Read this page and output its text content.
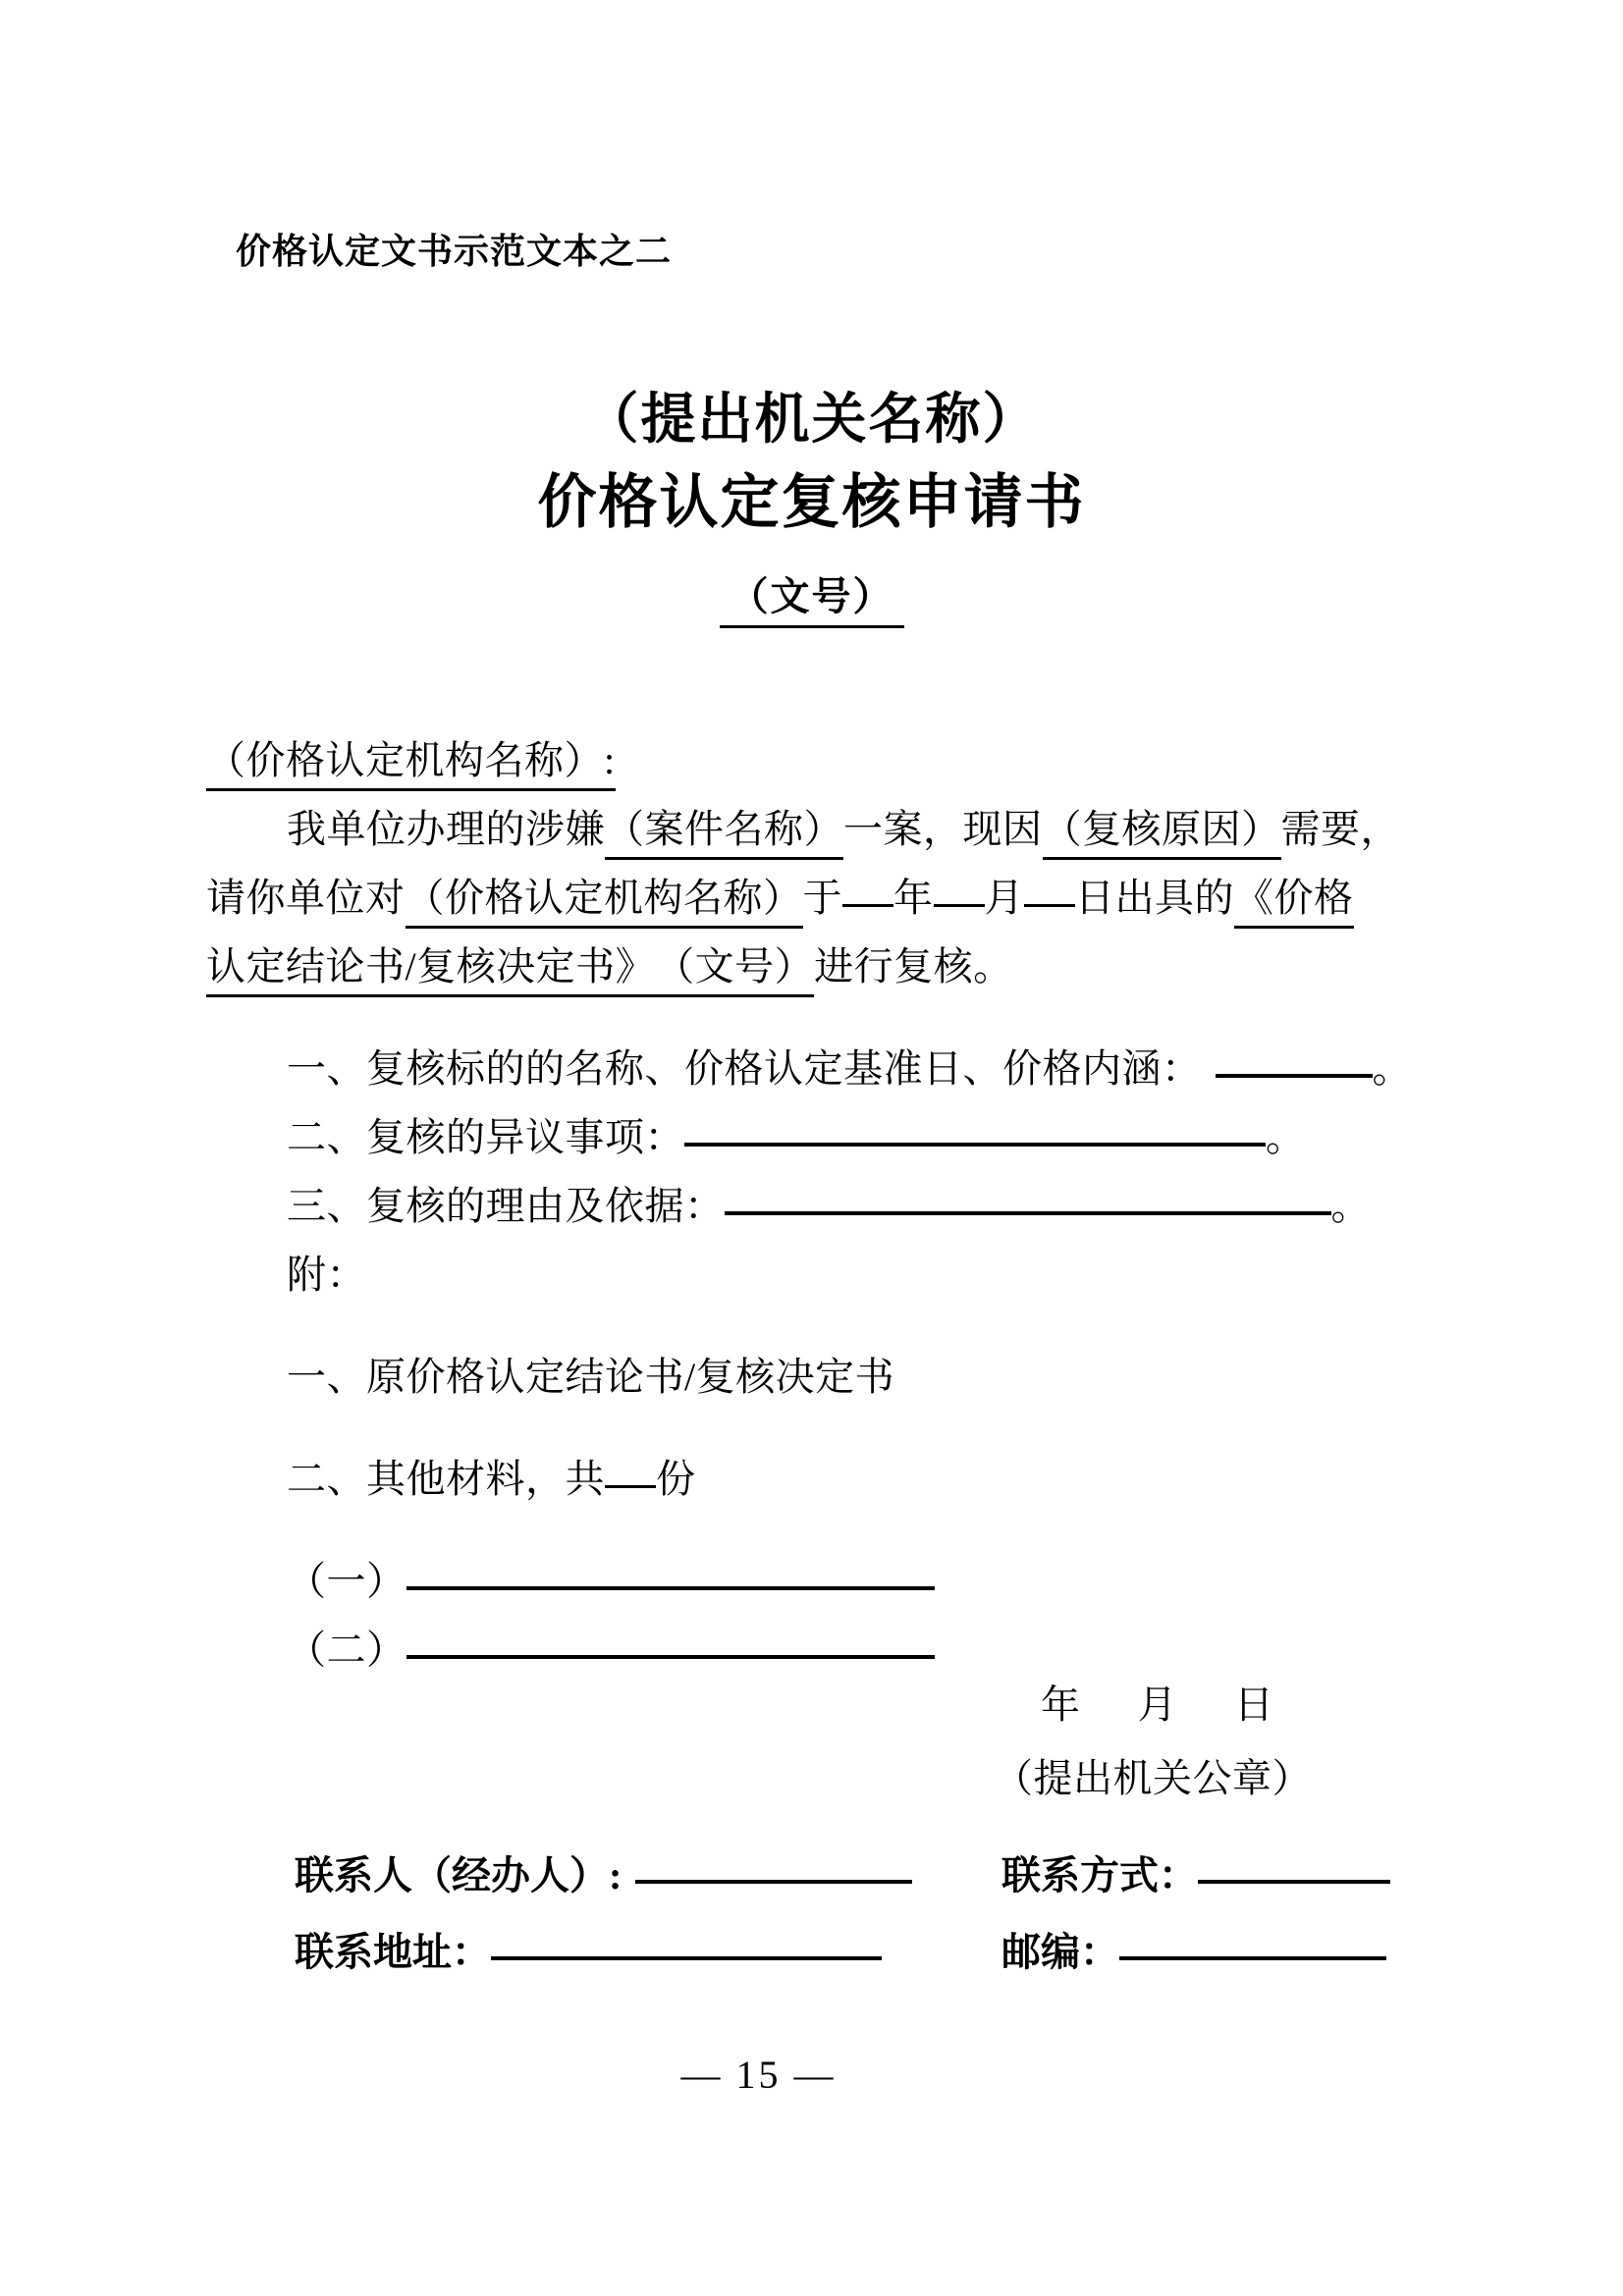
价格认定文书示范文本之二
（提出机关名称）
价格认定复核申请书
（文号）
（价格认定机构名称）:
我单位办理的涉嫌（案件名称）一案，现因（复核原因）需要，
请你单位对（价格认定机构名称）于 年 月 日出具的《价格
认定结论书/复核决定书》（文号）进行复核。
一、复核标的的名称、价格认定基准日、价格内涵：	。
二、复核的异议事项：	。
三、复核的理由及依据：	。
附：
一、原价格认定结论书/复核决定书
二、其他材料，共 份
（一）
（二）
年 月 日
（提出机关公章）
联系人（经办人）:	联系方式：
联系地址：	邮编：
— 15 —
